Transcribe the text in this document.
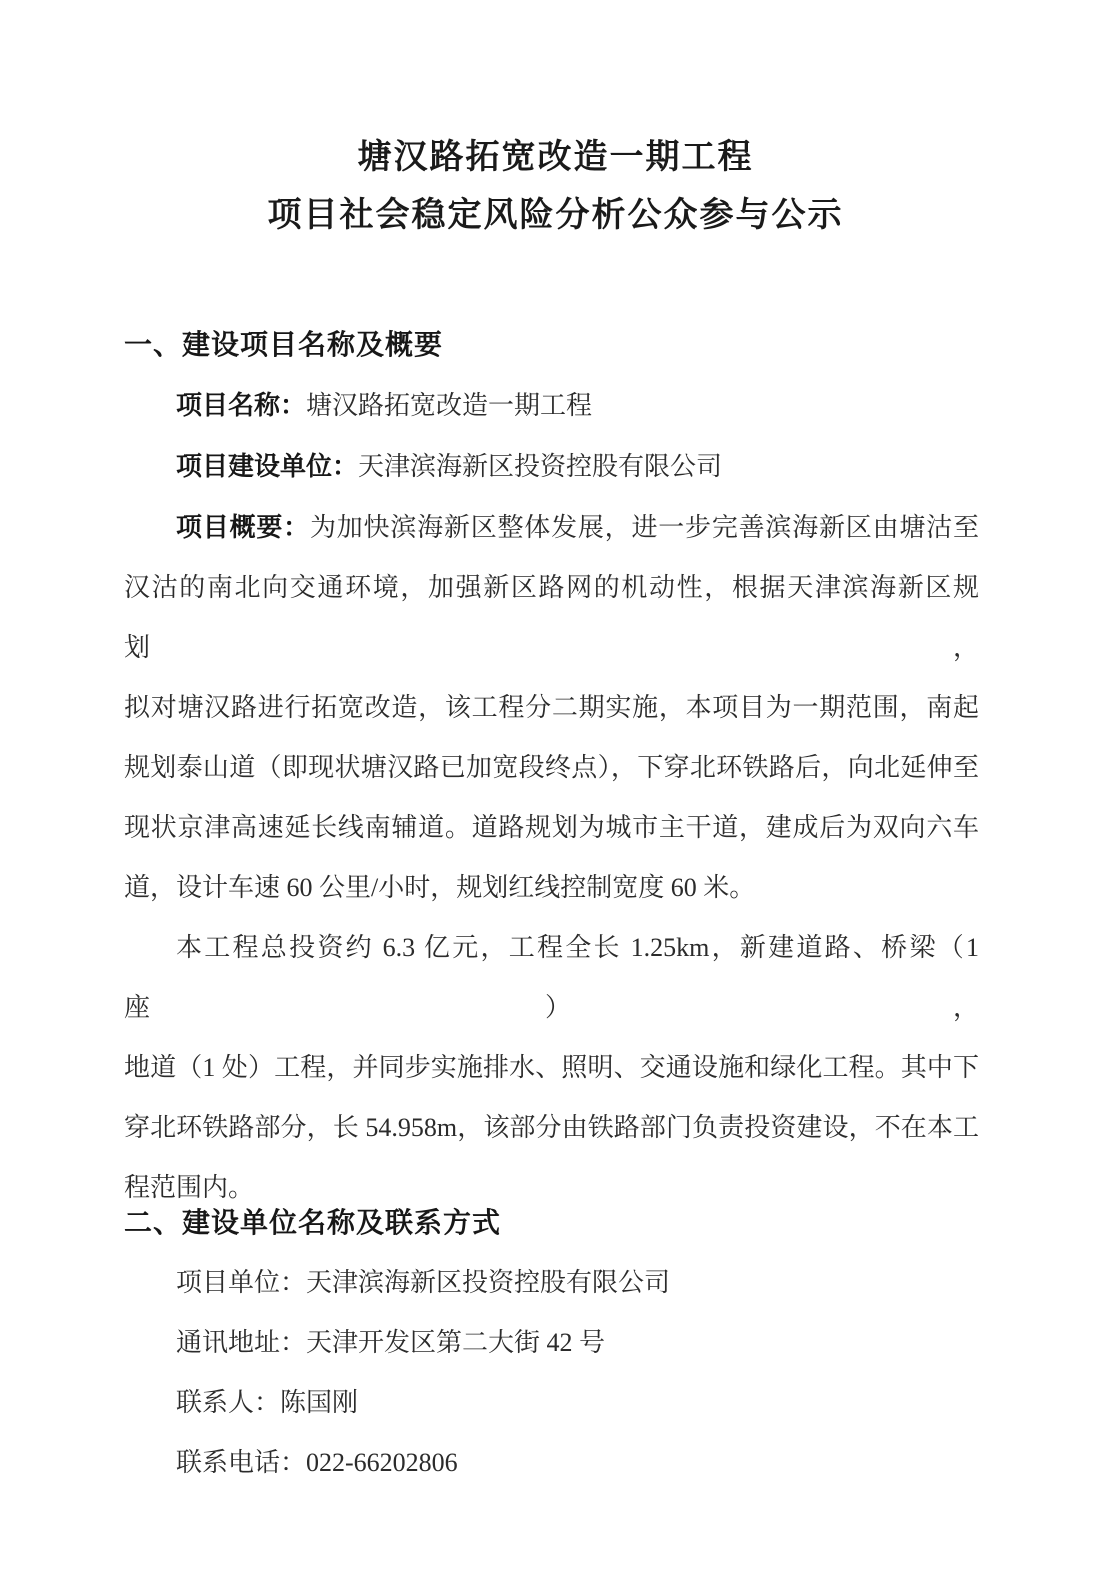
塘汉路拓宽改造一期工程
项目社会稳定风险分析公众参与公示
一、建设项目名称及概要
项目名称：塘汉路拓宽改造一期工程
项目建设单位：天津滨海新区投资控股有限公司
项目概要：为加快滨海新区整体发展，进一步完善滨海新区由塘沽至
汉沽的南北向交通环境，加强新区路网的机动性，根据天津滨海新区规划，
拟对塘汉路进行拓宽改造，该工程分二期实施，本项目为一期范围，南起
规划泰山道（即现状塘汉路已加宽段终点），下穿北环铁路后，向北延伸至
现状京津高速延长线南辅道。道路规划为城市主干道，建成后为双向六车
道，设计车速 60 公里/小时，规划红线控制宽度 60 米。
本工程总投资约 6.3 亿元，工程全长 1.25km，新建道路、桥梁（1 座），
地道（1 处）工程，并同步实施排水、照明、交通设施和绿化工程。其中下
穿北环铁路部分，长 54.958m，该部分由铁路部门负责投资建设，不在本工
程范围内。
二、建设单位名称及联系方式
项目单位：天津滨海新区投资控股有限公司
通讯地址：天津开发区第二大街 42 号
联系人：陈国刚
联系电话：022-66202806
